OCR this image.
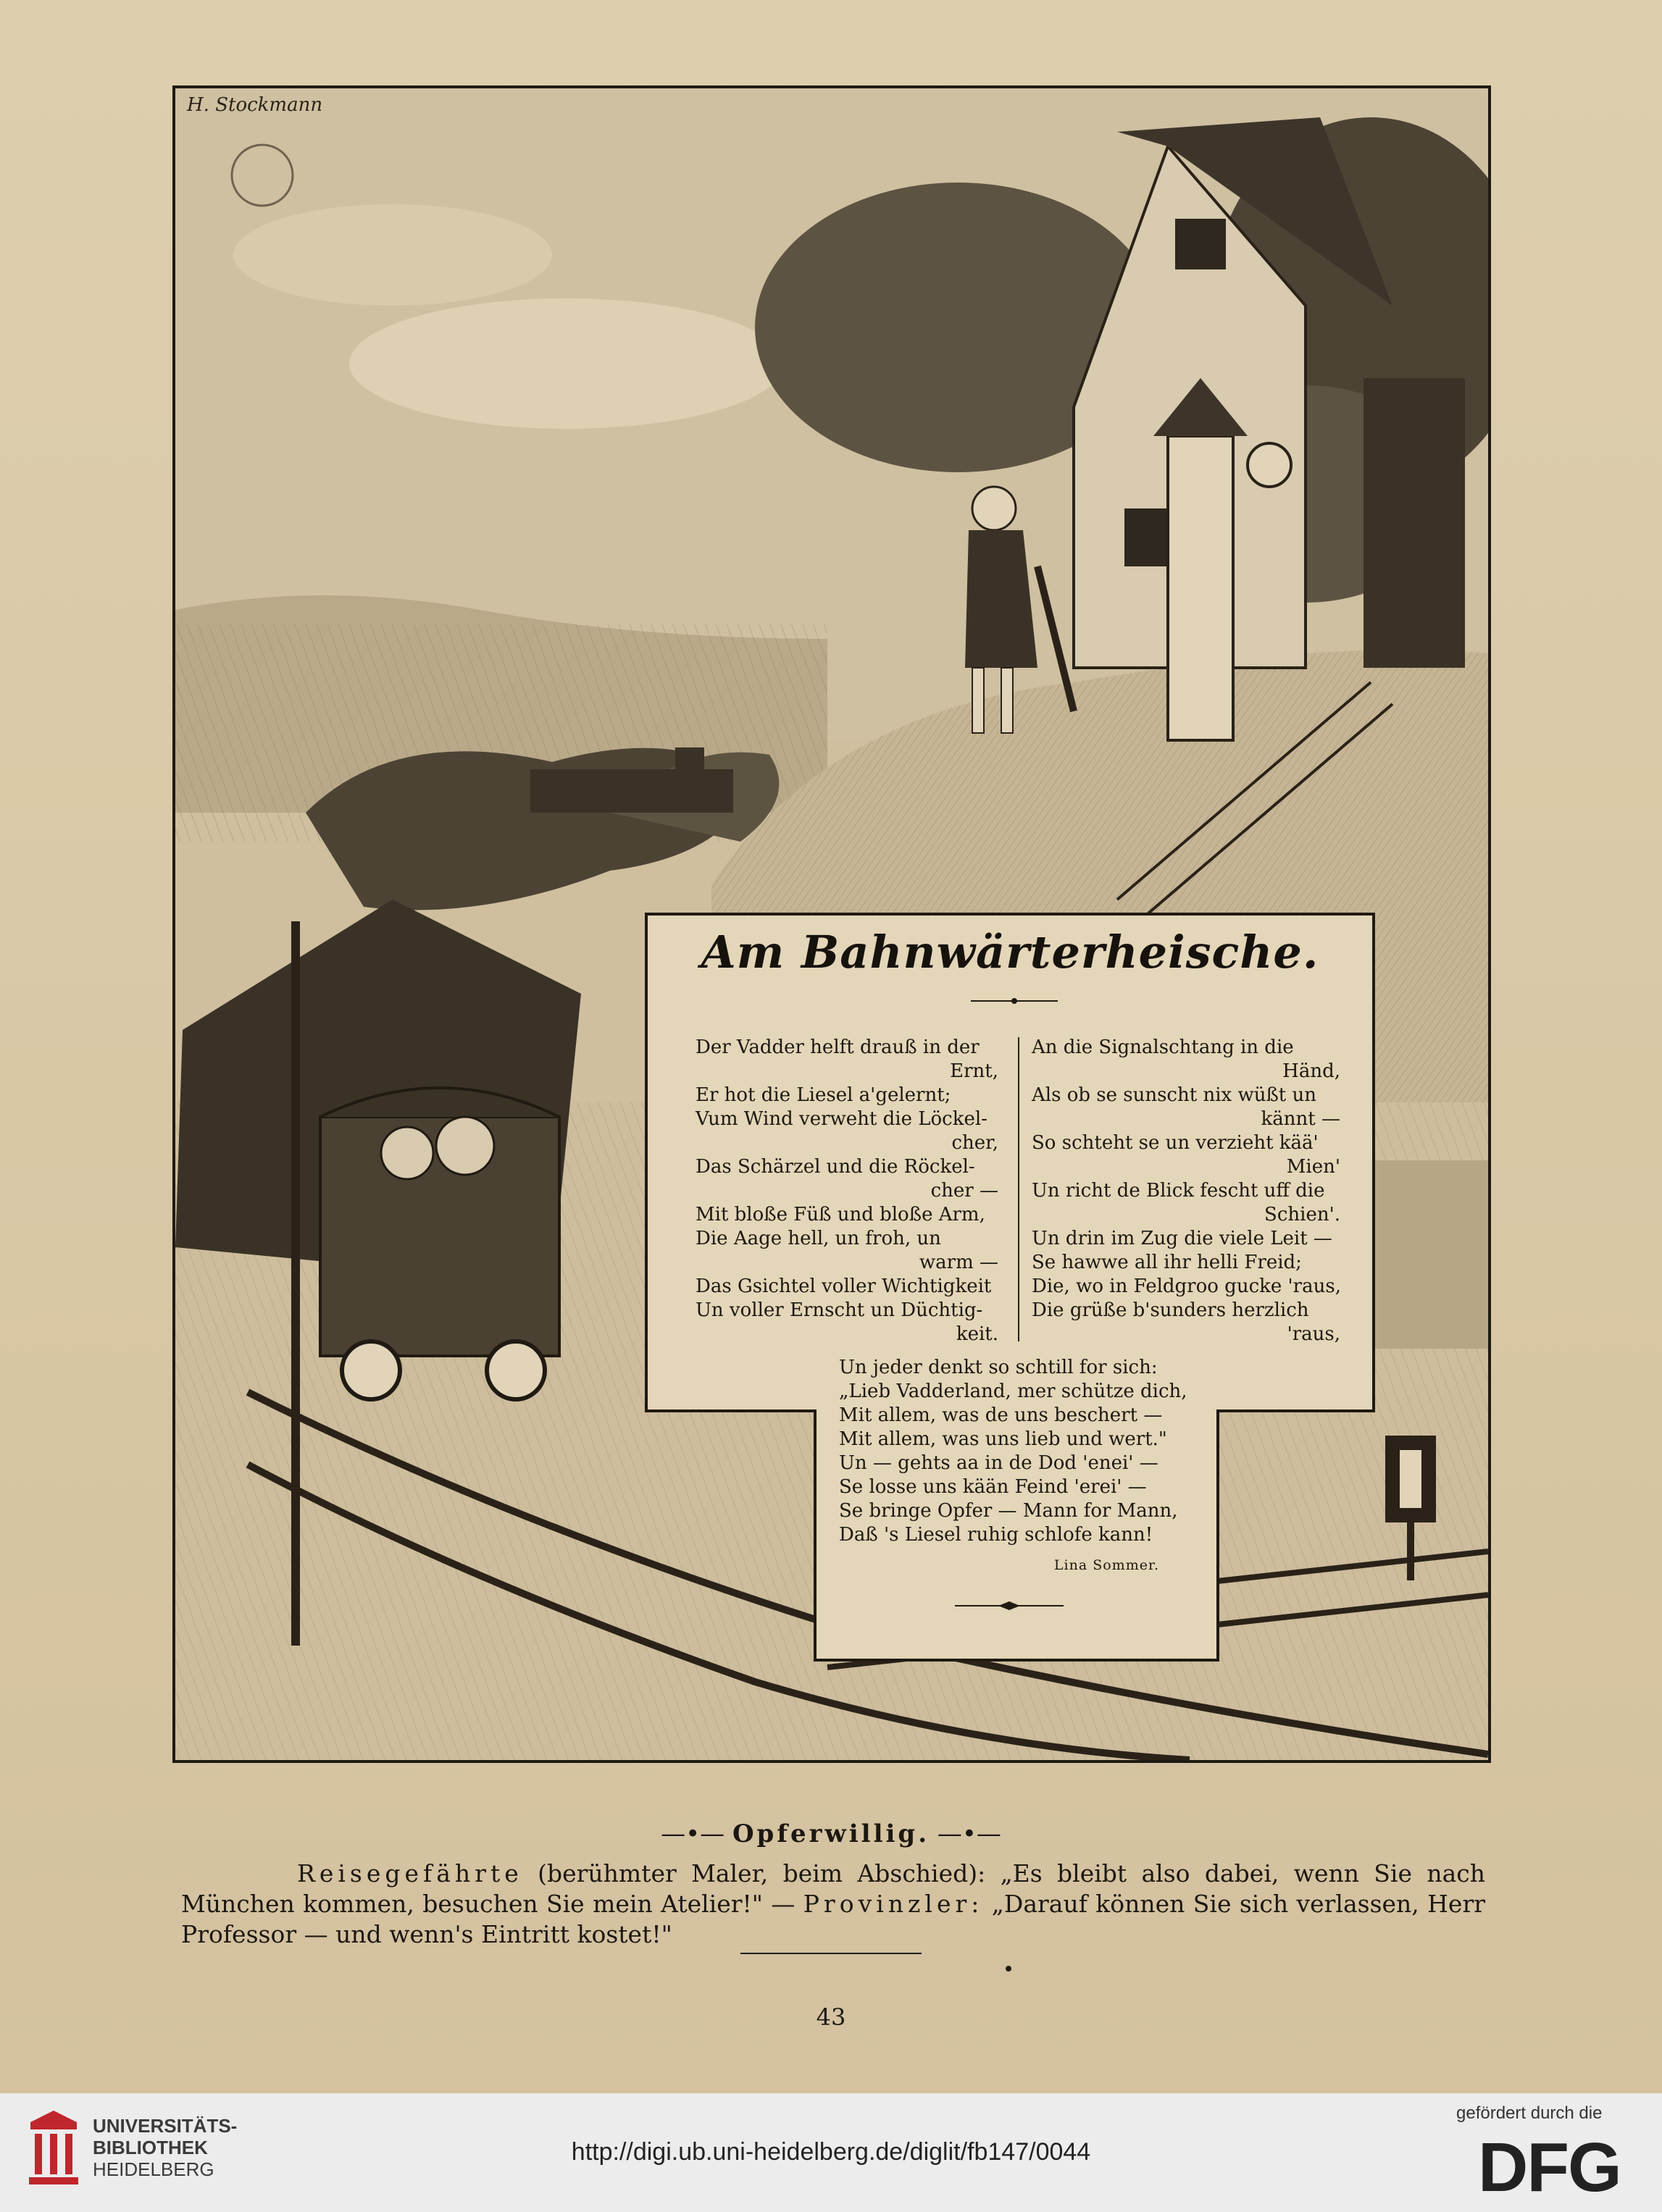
H. Stockmann
Am Bahnwärterheische.
Der Vadder helft drauß in der
Ernt,
Er hot die Liesel a'gelernt;
Vum Wind verweht die Löckel-
cher,
Das Schärzel und die Röckel-
cher —
Mit bloße Füß und bloße Arm,
Die Aage hell, un froh, un
warm —
Das Gsichtel voller Wichtigkeit
Un voller Ernscht un Düchtig-
keit.
An die Signalschtang in die
Händ,
Als ob se sunscht nix wüßt un
kännt —
So schteht se un verzieht kää'
Mien'
Un richt de Blick fescht uff die
Schien'.
Un drin im Zug die viele Leit —
Se hawwe all ihr helli Freid;
Die, wo in Feldgroo gucke 'raus,
Die grüße b'sunders herzlich
'raus,
Un jeder denkt so schtill for sich:
„Lieb Vadderland, mer schütze dich,
Mit allem, was de uns beschert —
Mit allem, was uns lieb und wert."
Un — gehts aa in de Dod 'enei' —
Se losse uns kään Feind 'erei' —
Se bringe Opfer — Mann for Mann,
Daß 's Liesel ruhig schlofe kann!
Lina Sommer.
—•— Opferwillig. —•—
Reisegefährte (berühmter Maler, beim Abschied): „Es bleibt also dabei, wenn Sie nach München kommen, besuchen Sie mein Atelier!" — Provinzler: „Darauf können Sie sich verlassen, Herr Professor — und wenn's Eintritt kostet!"
43
UNIVERSITÄTS-
BIBLIOTHEK
HEIDELBERG
http://digi.ub.uni-heidelberg.de/diglit/fb147/0044
gefördert durch die
DFG
